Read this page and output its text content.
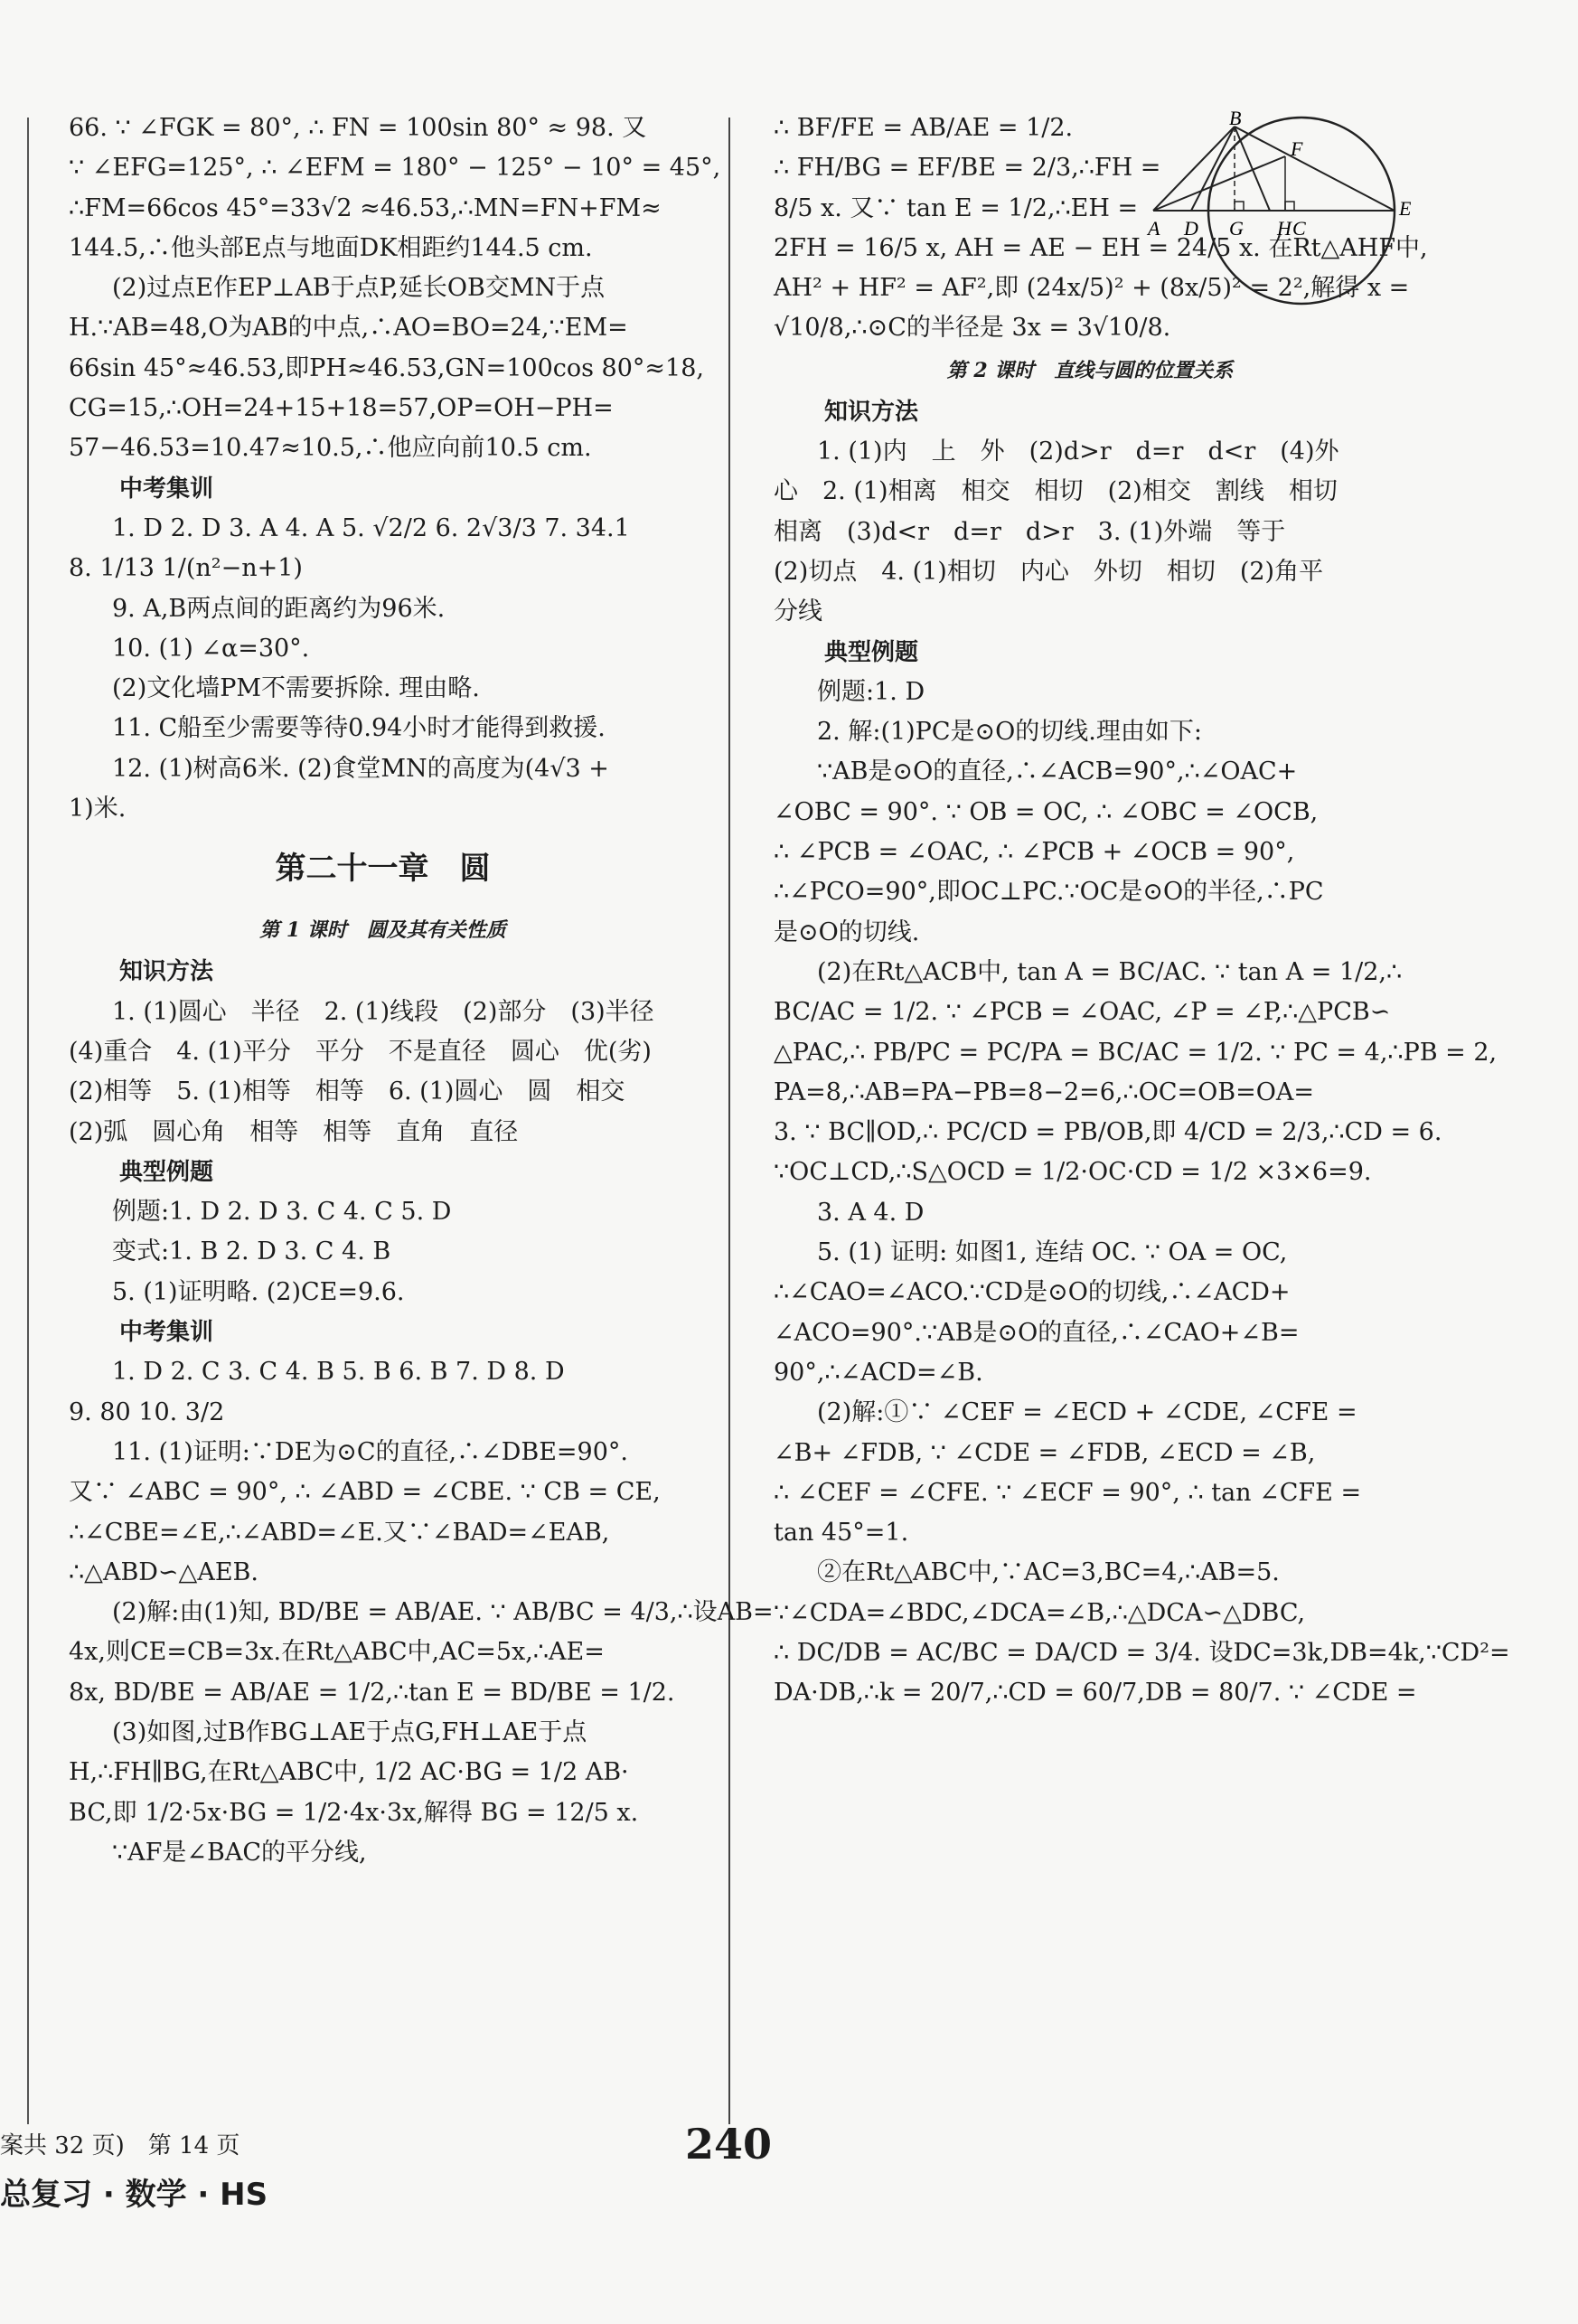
66. ∵ ∠FGK = 80°, ∴ FN = 100sin 80° ≈ 98. 又
∵ ∠EFG=125°, ∴ ∠EFM = 180° − 125° − 10° = 45°,
∴FM=66cos 45°=33√2 ≈46.53,∴MN=FN+FM≈
144.5,∴他头部E点与地面DK相距约144.5 cm.
(2)过点E作EP⊥AB于点P,延长OB交MN于点
H.∵AB=48,O为AB的中点,∴AO=BO=24,∵EM=
66sin 45°≈46.53,即PH≈46.53,GN=100cos 80°≈18,
CG=15,∴OH=24+15+18=57,OP=OH−PH=
57−46.53=10.47≈10.5,∴他应向前10.5 cm.
中考集训
1. D 2. D 3. A 4. A 5. √2/2 6. 2√3/3 7. 34.1
8. 1/13 1/(n²−n+1)
9. A,B两点间的距离约为96米.
10. (1) ∠α=30°.
(2)文化墙PM不需要拆除. 理由略.
11. C船至少需要等待0.94小时才能得到救援.
12. (1)树高6米. (2)食堂MN的高度为(4√3 +
1)米.
第二十一章　圆
第 1 课时　圆及其有关性质
知识方法
1. (1)圆心　半径　2. (1)线段　(2)部分　(3)半径
(4)重合　4. (1)平分　平分　不是直径　圆心　优(劣)
(2)相等　5. (1)相等　相等　6. (1)圆心　圆　相交
(2)弧　圆心角　相等　相等　直角　直径
典型例题
例题:1. D 2. D 3. C 4. C 5. D
变式:1. B 2. D 3. C 4. B
5. (1)证明略. (2)CE=9.6.
中考集训
1. D 2. C 3. C 4. B 5. B 6. B 7. D 8. D
9. 80 10. 3/2
11. (1)证明:∵DE为⊙C的直径,∴∠DBE=90°.
又∵ ∠ABC = 90°, ∴ ∠ABD = ∠CBE. ∵ CB = CE,
∴∠CBE=∠E,∴∠ABD=∠E.又∵∠BAD=∠EAB,
∴△ABD∽△AEB.
(2)解:由(1)知, BD/BE = AB/AE. ∵ AB/BC = 4/3,∴设AB=
4x,则CE=CB=3x.在Rt△ABC中,AC=5x,∴AE=
8x, BD/BE = AB/AE = 1/2,∴tan E = BD/BE = 1/2.
(3)如图,过B作BG⊥AE于点G,FH⊥AE于点
H,∴FH∥BG,在Rt△ABC中, 1/2 AC·BG = 1/2 AB·
BC,即 1/2·5x·BG = 1/2·4x·3x,解得 BG = 12/5 x.
∵AF是∠BAC的平分线,
∴ BF/FE = AB/AE = 1/2.
∴ FH/BG = EF/BE = 2/3,∴FH =
8/5 x. 又∵ tan E = 1/2,∴EH =
2FH = 16/5 x, AH = AE − EH = 24/5 x. 在Rt△AHF中,
AH² + HF² = AF²,即 (24x/5)² + (8x/5)² = 2²,解得 x =
√10/8,∴⊙C的半径是 3x = 3√10/8.
第 2 课时　直线与圆的位置关系
知识方法
1. (1)内　上　外　(2)d>r　d=r　d<r　(4)外
心　2. (1)相离　相交　相切　(2)相交　割线　相切
相离　(3)d<r　d=r　d>r　3. (1)外端　等于
(2)切点　4. (1)相切　内心　外切　相切　(2)角平
分线
典型例题
例题:1. D
2. 解:(1)PC是⊙O的切线.理由如下:
∵AB是⊙O的直径,∴∠ACB=90°,∴∠OAC+
∠OBC = 90°. ∵ OB = OC, ∴ ∠OBC = ∠OCB,
∴ ∠PCB = ∠OAC, ∴ ∠PCB + ∠OCB = 90°,
∴∠PCO=90°,即OC⊥PC.∵OC是⊙O的半径,∴PC
是⊙O的切线.
(2)在Rt△ACB中, tan A = BC/AC. ∵ tan A = 1/2,∴
BC/AC = 1/2. ∵ ∠PCB = ∠OAC, ∠P = ∠P,∴△PCB∽
△PAC,∴ PB/PC = PC/PA = BC/AC = 1/2. ∵ PC = 4,∴PB = 2,
PA=8,∴AB=PA−PB=8−2=6,∴OC=OB=OA=
3. ∵ BC∥OD,∴ PC/CD = PB/OB,即 4/CD = 2/3,∴CD = 6.
∵OC⊥CD,∴S△OCD = 1/2·OC·CD = 1/2 ×3×6=9.
3. A 4. D
5. (1) 证明: 如图1, 连结 OC. ∵ OA = OC,
∴∠CAO=∠ACO.∵CD是⊙O的切线,∴∠ACD+
∠ACO=90°.∵AB是⊙O的直径,∴∠CAO+∠B=
90°,∴∠ACD=∠B.
(2)解:①∵ ∠CEF = ∠ECD + ∠CDE, ∠CFE =
∠B+ ∠FDB, ∵ ∠CDE = ∠FDB, ∠ECD = ∠B,
∴ ∠CEF = ∠CFE. ∵ ∠ECF = 90°, ∴ tan ∠CFE =
tan 45°=1.
②在Rt△ABC中,∵AC=3,BC=4,∴AB=5.
∵∠CDA=∠BDC,∠DCA=∠B,∴△DCA∽△DBC,
∴ DC/DB = AC/BC = DA/CD = 3/4. 设DC=3k,DB=4k,∵CD²=
DA·DB,∴k = 20/7,∴CD = 60/7,DB = 80/7. ∵ ∠CDE =
B
F
A D G H C
E
案共 32 页)　第 14 页
总复习 · 数学 · HS
240
